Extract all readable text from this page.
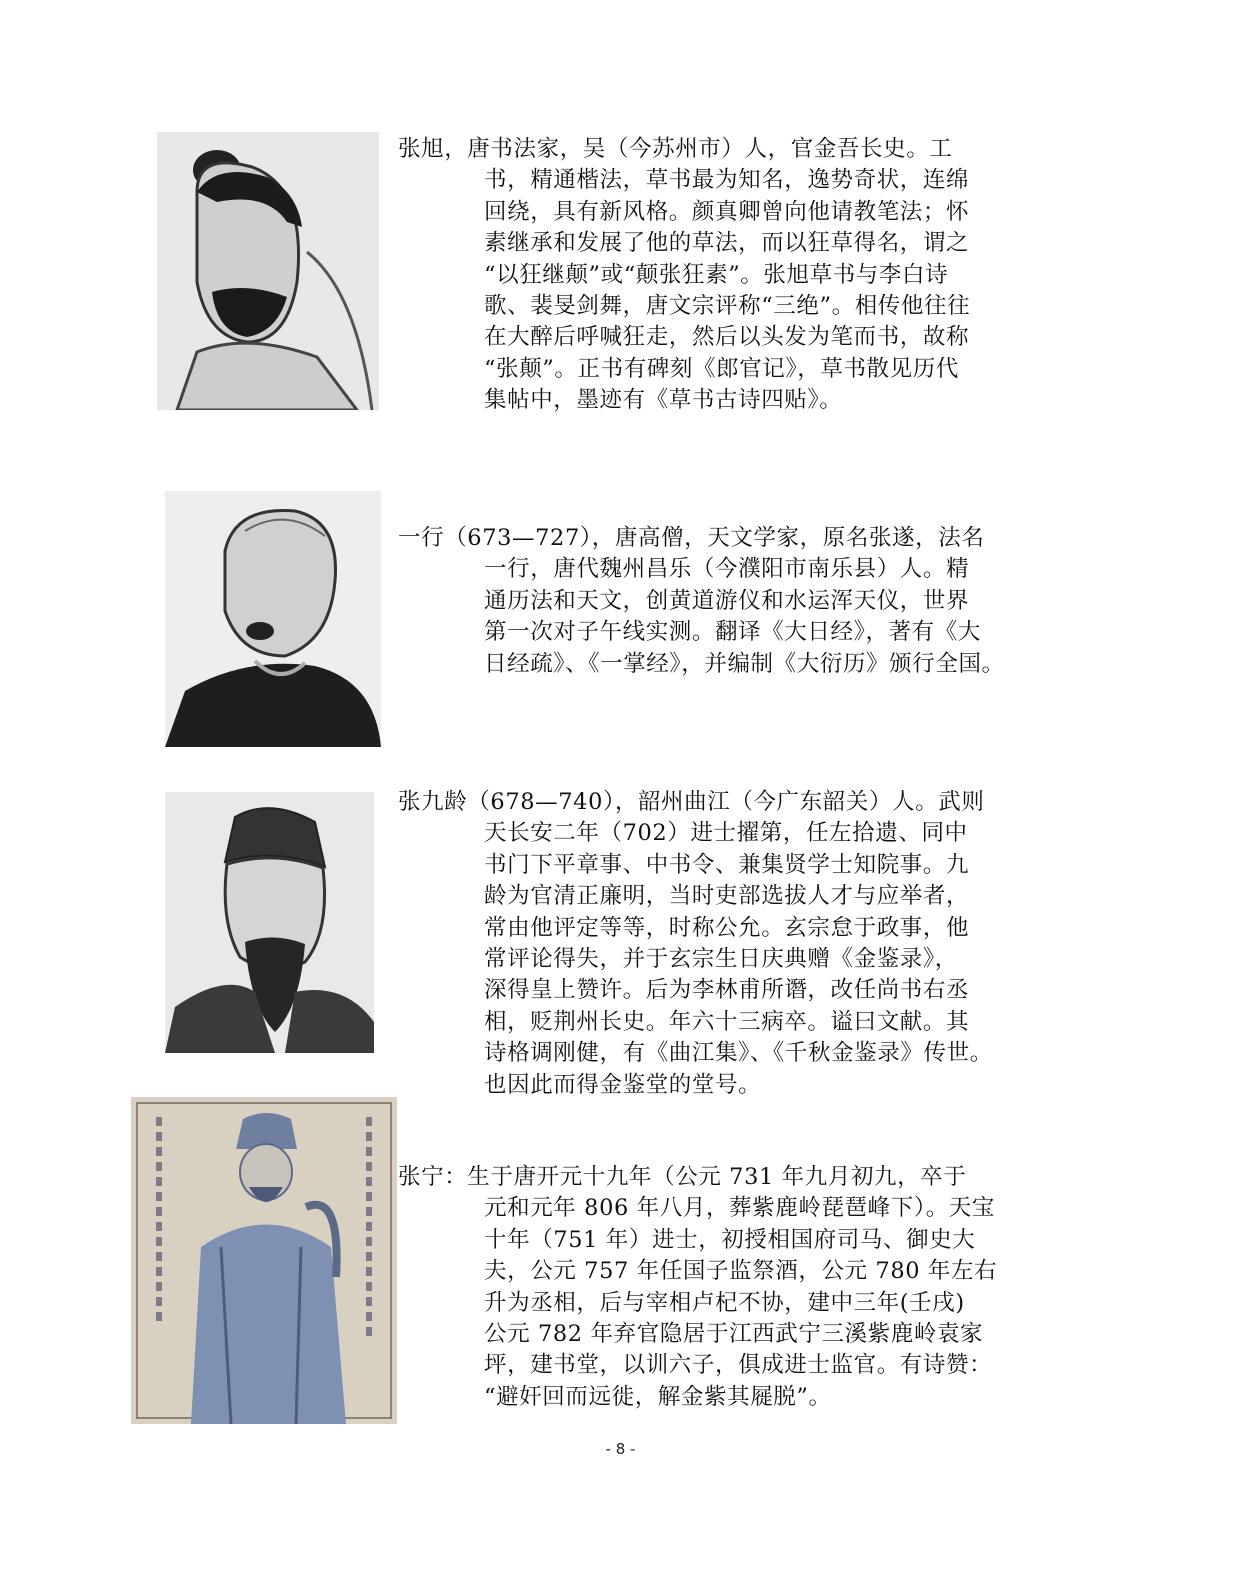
张旭，唐书法家，吴（今苏州市）人，官金吾长史。工
书，精通楷法，草书最为知名，逸势奇状，连绵
回绕，具有新风格。颜真卿曾向他请教笔法；怀
素继承和发展了他的草法，而以狂草得名，谓之
“以狂继颠”或“颠张狂素”。张旭草书与李白诗
歌、裴旻剑舞，唐文宗评称“三绝”。相传他往往
在大醉后呼喊狂走，然后以头发为笔而书，故称
“张颠”。正书有碑刻《郎官记》，草书散见历代
集帖中，墨迹有《草书古诗四贴》。
一行（673—727），唐高僧，天文学家，原名张遂，法名
一行，唐代魏州昌乐（今濮阳市南乐县）人。精
通历法和天文，创黄道游仪和水运浑天仪，世界
第一次对子午线实测。翻译《大日经》，著有《大
日经疏》、《一掌经》，并编制《大衍历》颁行全国。
张九龄（678—740），韶州曲江（今广东韶关）人。武则
天长安二年（702）进士擢第，任左拾遗、同中
书门下平章事、中书令、兼集贤学士知院事。九
龄为官清正廉明，当时吏部选拔人才与应举者，
常由他评定等等，时称公允。玄宗怠于政事，他
常评论得失，并于玄宗生日庆典赠《金鉴录》，
深得皇上赞许。后为李林甫所谮，改任尚书右丞
相，贬荆州长史。年六十三病卒。谥曰文献。其
诗格调刚健，有《曲江集》、《千秋金鉴录》传世。
也因此而得金鉴堂的堂号。
张宁：生于唐开元十九年（公元 731 年九月初九，卒于
元和元年 806 年八月，葬紫鹿岭琵琶峰下）。天宝
十年（751 年）进士，初授相国府司马、御史大
夫，公元 757 年任国子监祭酒，公元 780 年左右
升为丞相，后与宰相卢杞不协，建中三年(壬戌)
公元 782 年弃官隐居于江西武宁三溪紫鹿岭袁家
坪，建书堂，以训六子，俱成进士监官。有诗赞：
“避奸回而远徙，解金紫其屣脱”。
- 8 -
